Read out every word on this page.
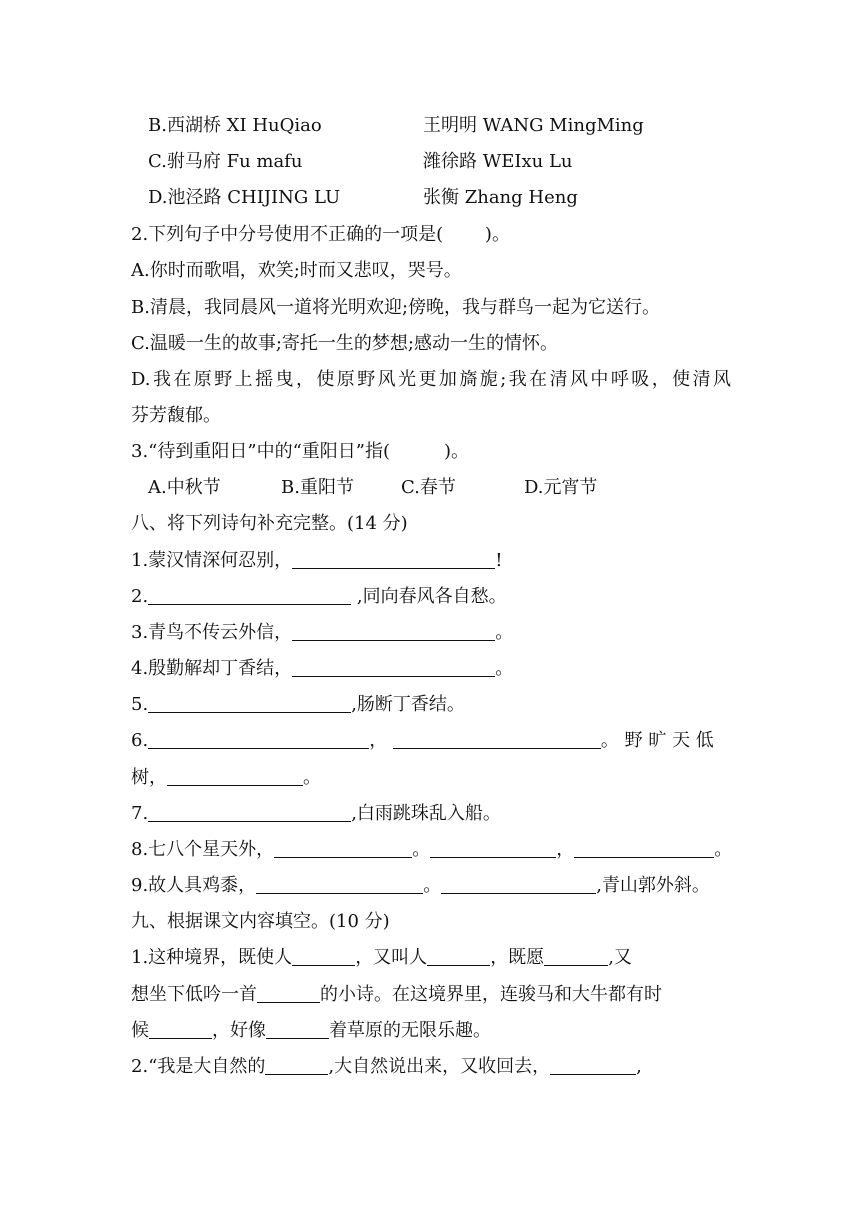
B.西湖桥 XI HuQiao	王明明 WANG MingMing
C.驸马府 Fu mafu	潍徐路 WEIxu Lu
D.池泾路 CHIJING LU	张衡 Zhang Heng
2.下列句子中分号使用不正确的一项是(　　 )。
A.你时而歌唱，欢笑;时而又悲叹，哭号。
B.清晨，我同晨风一道将光明欢迎;傍晚，我与群鸟一起为它送行。
C.温暖一生的故事;寄托一生的梦想;感动一生的情怀。
D.我在原野上摇曳，使原野风光更加旖旎;我在清风中呼吸，使清风
芬芳馥郁。
3.“待到重阳日”中的“重阳日”指(　　　)。
A.中秋节	B.重阳节	C.春节	D.元宵节
八、将下列诗句补充完整。(14 分)
1.蒙汉情深何忍别，	!
2.	,同向春风各自愁。
3.青鸟不传云外信，	。
4.殷勤解却丁香结，	。
5.	,肠断丁香结。
6.	，	。 野 旷 天 低
树，	。
7.	,白雨跳珠乱入船。
8.七八个星天外，	。	，	。
9.故人具鸡黍，	。	,青山郭外斜。
九、根据课文内容填空。(10 分)
1.这种境界，既使人	，又叫人	，既愿	,又
想坐下低吟一首	的小诗。在这境界里，连骏马和大牛都有时
候	，好像	着草原的无限乐趣。
2.“我是大自然的	,大自然说出来，又收回去，	,
